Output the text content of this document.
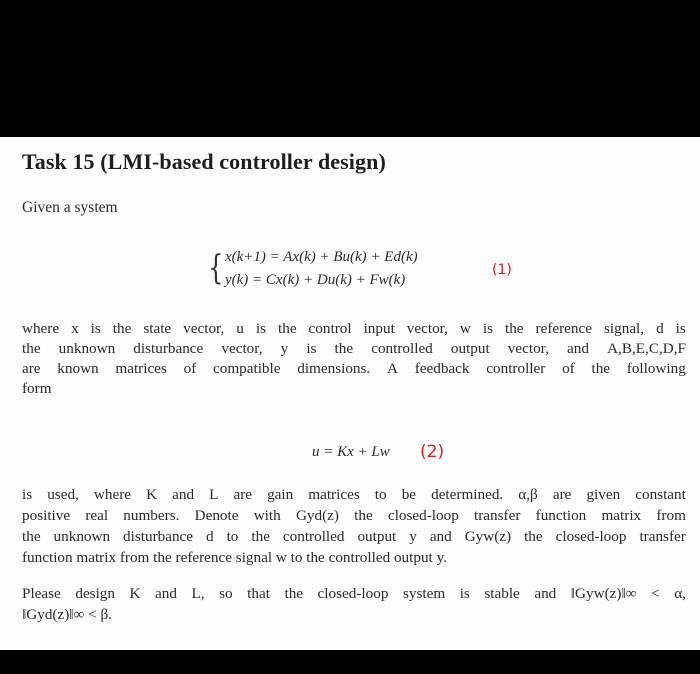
Task 15 (LMI-based controller design)
Given a system
{ x(k+1) = Ax(k) + Bu(k) + Ed(k)
y(k) = Cx(k) + Du(k) + Fw(k)
(1)
where x is the state vector, u is the control input vector, w is the reference signal, d is
the unknown disturbance vector, y is the controlled output vector, and A,B,E,C,D,F
are known matrices of compatible dimensions. A feedback controller of the following
form
u = Kx + Lw (2)
is used, where K and L are gain matrices to be determined. α,β are given constant
positive real numbers. Denote with Gyd(z) the closed-loop transfer function matrix from
the unknown disturbance d to the controlled output y and Gyw(z) the closed-loop transfer
function matrix from the reference signal w to the controlled output y.
Please design K and L, so that the closed-loop system is stable and ‖Gyw(z)‖∞ < α,
‖Gyd(z)‖∞ < β.
